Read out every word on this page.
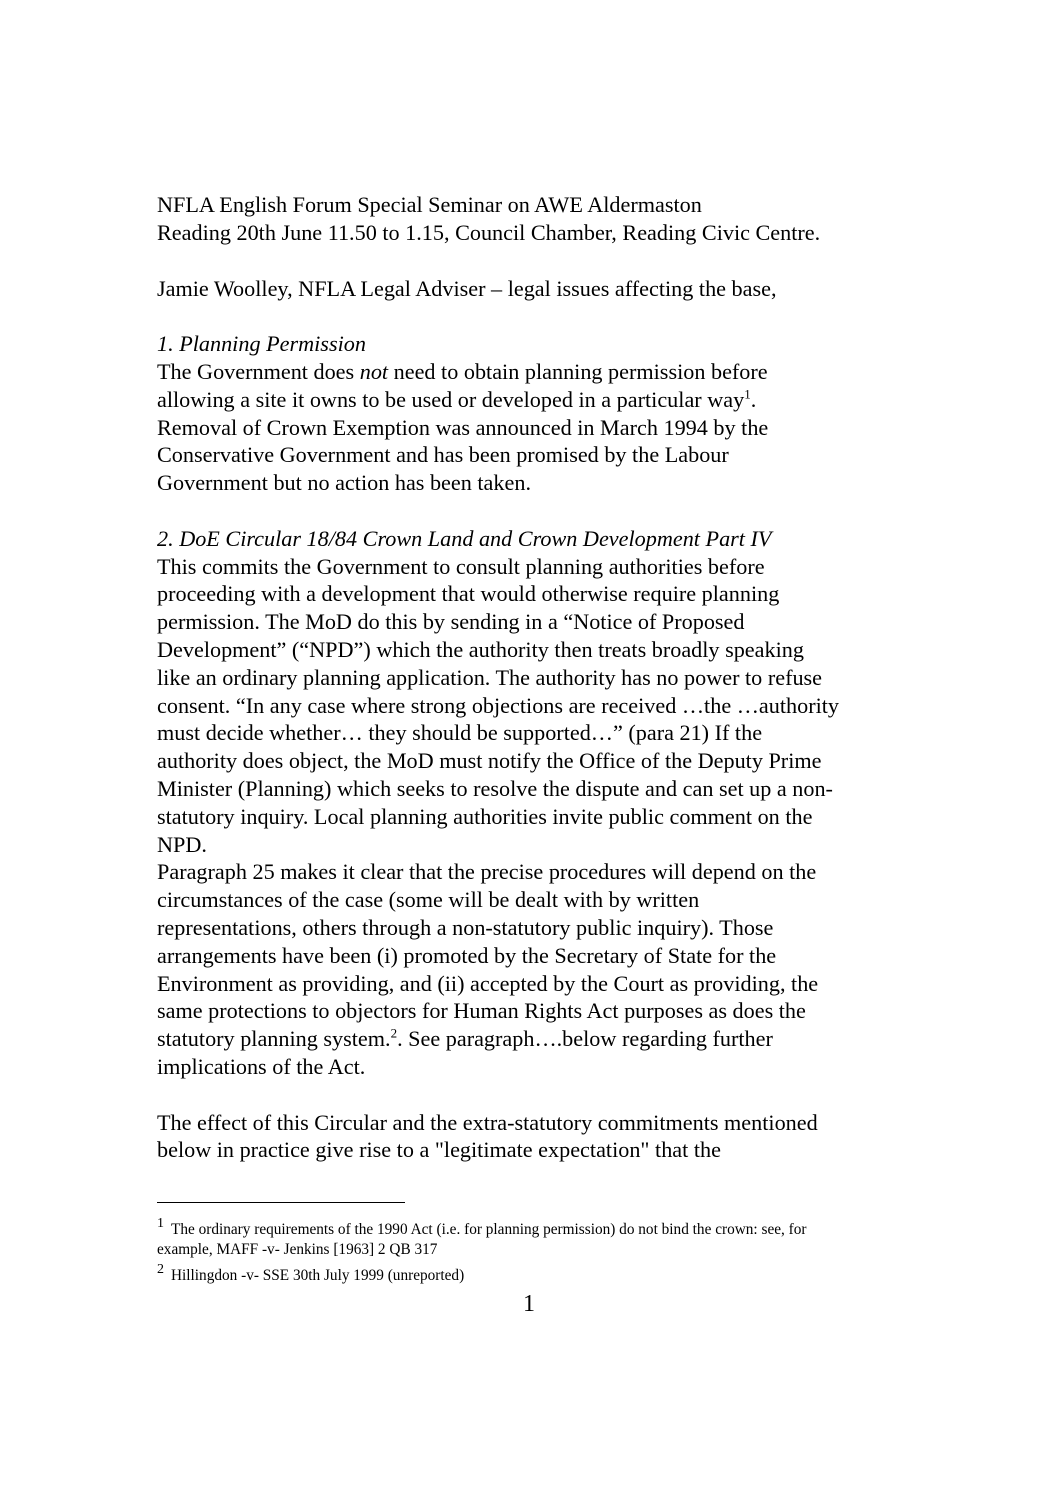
NFLA English Forum Special Seminar on AWE Aldermaston
Reading 20th June 11.50 to 1.15, Council Chamber, Reading Civic Centre.
Jamie Woolley, NFLA Legal Adviser – legal issues affecting the base,
1. Planning Permission
The Government does not need to obtain planning permission before
allowing a site it owns to be used or developed in a particular way$^1$.
Removal of Crown Exemption was announced in March 1994 by the
Conservative Government and has been promised by the Labour
Government but no action has been taken.
2. DoE Circular 18/84 Crown Land and Crown Development Part IV
This commits the Government to consult planning authorities before
proceeding with a development that would otherwise require planning
permission. The MoD do this by sending in a “Notice of Proposed
Development” (“NPD”) which the authority then treats broadly speaking
like an ordinary planning application. The authority has no power to refuse
consent. “In any case where strong objections are received …the …authority
must decide whether… they should be supported…” (para 21) If the
authority does object, the MoD must notify the Office of the Deputy Prime
Minister (Planning) which seeks to resolve the dispute and can set up a non-
statutory inquiry. Local planning authorities invite public comment on the
NPD.
Paragraph 25 makes it clear that the precise procedures will depend on the
circumstances of the case (some will be dealt with by written
representations, others through a non-statutory public inquiry). Those
arrangements have been (i) promoted by the Secretary of State for the
Environment as providing, and (ii) accepted by the Court as providing, the
same protections to objectors for Human Rights Act purposes as does the
statutory planning system.$^2$. See paragraph….below regarding further
implications of the Act.
The effect of this Circular and the extra-statutory commitments mentioned
below in practice give rise to a "legitimate expectation" that the
1 The ordinary requirements of the 1990 Act (i.e. for planning permission) do not bind the crown: see, for
example, MAFF -v- Jenkins [1963] 2 QB 317
2 Hillingdon -v- SSE 30th July 1999 (unreported)
1
